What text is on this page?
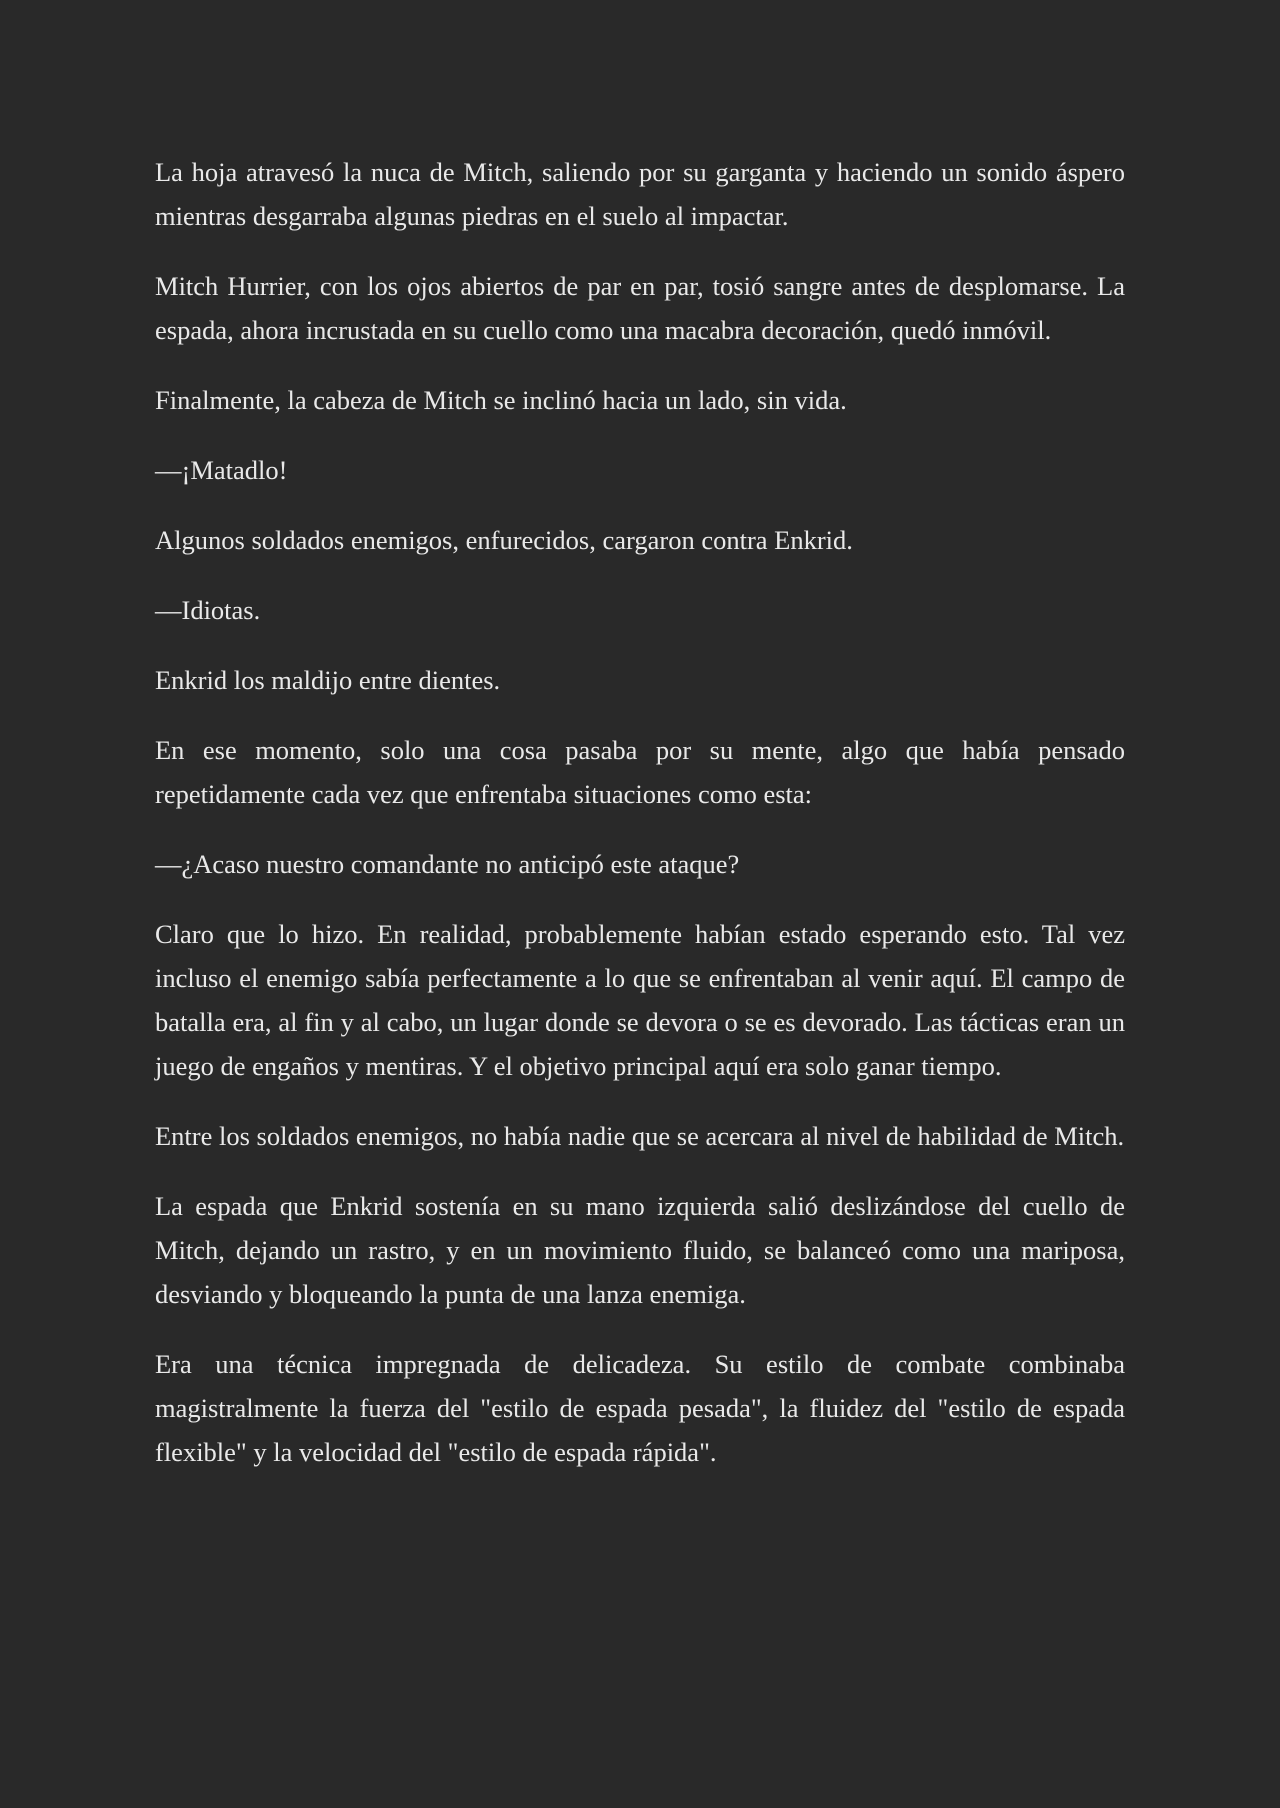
La hoja atravesó la nuca de Mitch, saliendo por su garganta y haciendo un sonido áspero mientras desgarraba algunas piedras en el suelo al impactar.

Mitch Hurrier, con los ojos abiertos de par en par, tosió sangre antes de desplomarse. La espada, ahora incrustada en su cuello como una macabra decoración, quedó inmóvil.

Finalmente, la cabeza de Mitch se inclinó hacia un lado, sin vida.

—¡Matadlo!

Algunos soldados enemigos, enfurecidos, cargaron contra Enkrid.

—Idiotas.

Enkrid los maldijo entre dientes.

En ese momento, solo una cosa pasaba por su mente, algo que había pensado repetidamente cada vez que enfrentaba situaciones como esta:

—¿Acaso nuestro comandante no anticipó este ataque?

Claro que lo hizo. En realidad, probablemente habían estado esperando esto. Tal vez incluso el enemigo sabía perfectamente a lo que se enfrentaban al venir aquí. El campo de batalla era, al fin y al cabo, un lugar donde se devora o se es devorado. Las tácticas eran un juego de engaños y mentiras. Y el objetivo principal aquí era solo ganar tiempo.

Entre los soldados enemigos, no había nadie que se acercara al nivel de habilidad de Mitch.

La espada que Enkrid sostenía en su mano izquierda salió deslizándose del cuello de Mitch, dejando un rastro, y en un movimiento fluido, se balanceó como una mariposa, desviando y bloqueando la punta de una lanza enemiga.

Era una técnica impregnada de delicadeza. Su estilo de combate combinaba magistralmente la fuerza del "estilo de espada pesada", la fluidez del "estilo de espada flexible" y la velocidad del "estilo de espada rápida".
